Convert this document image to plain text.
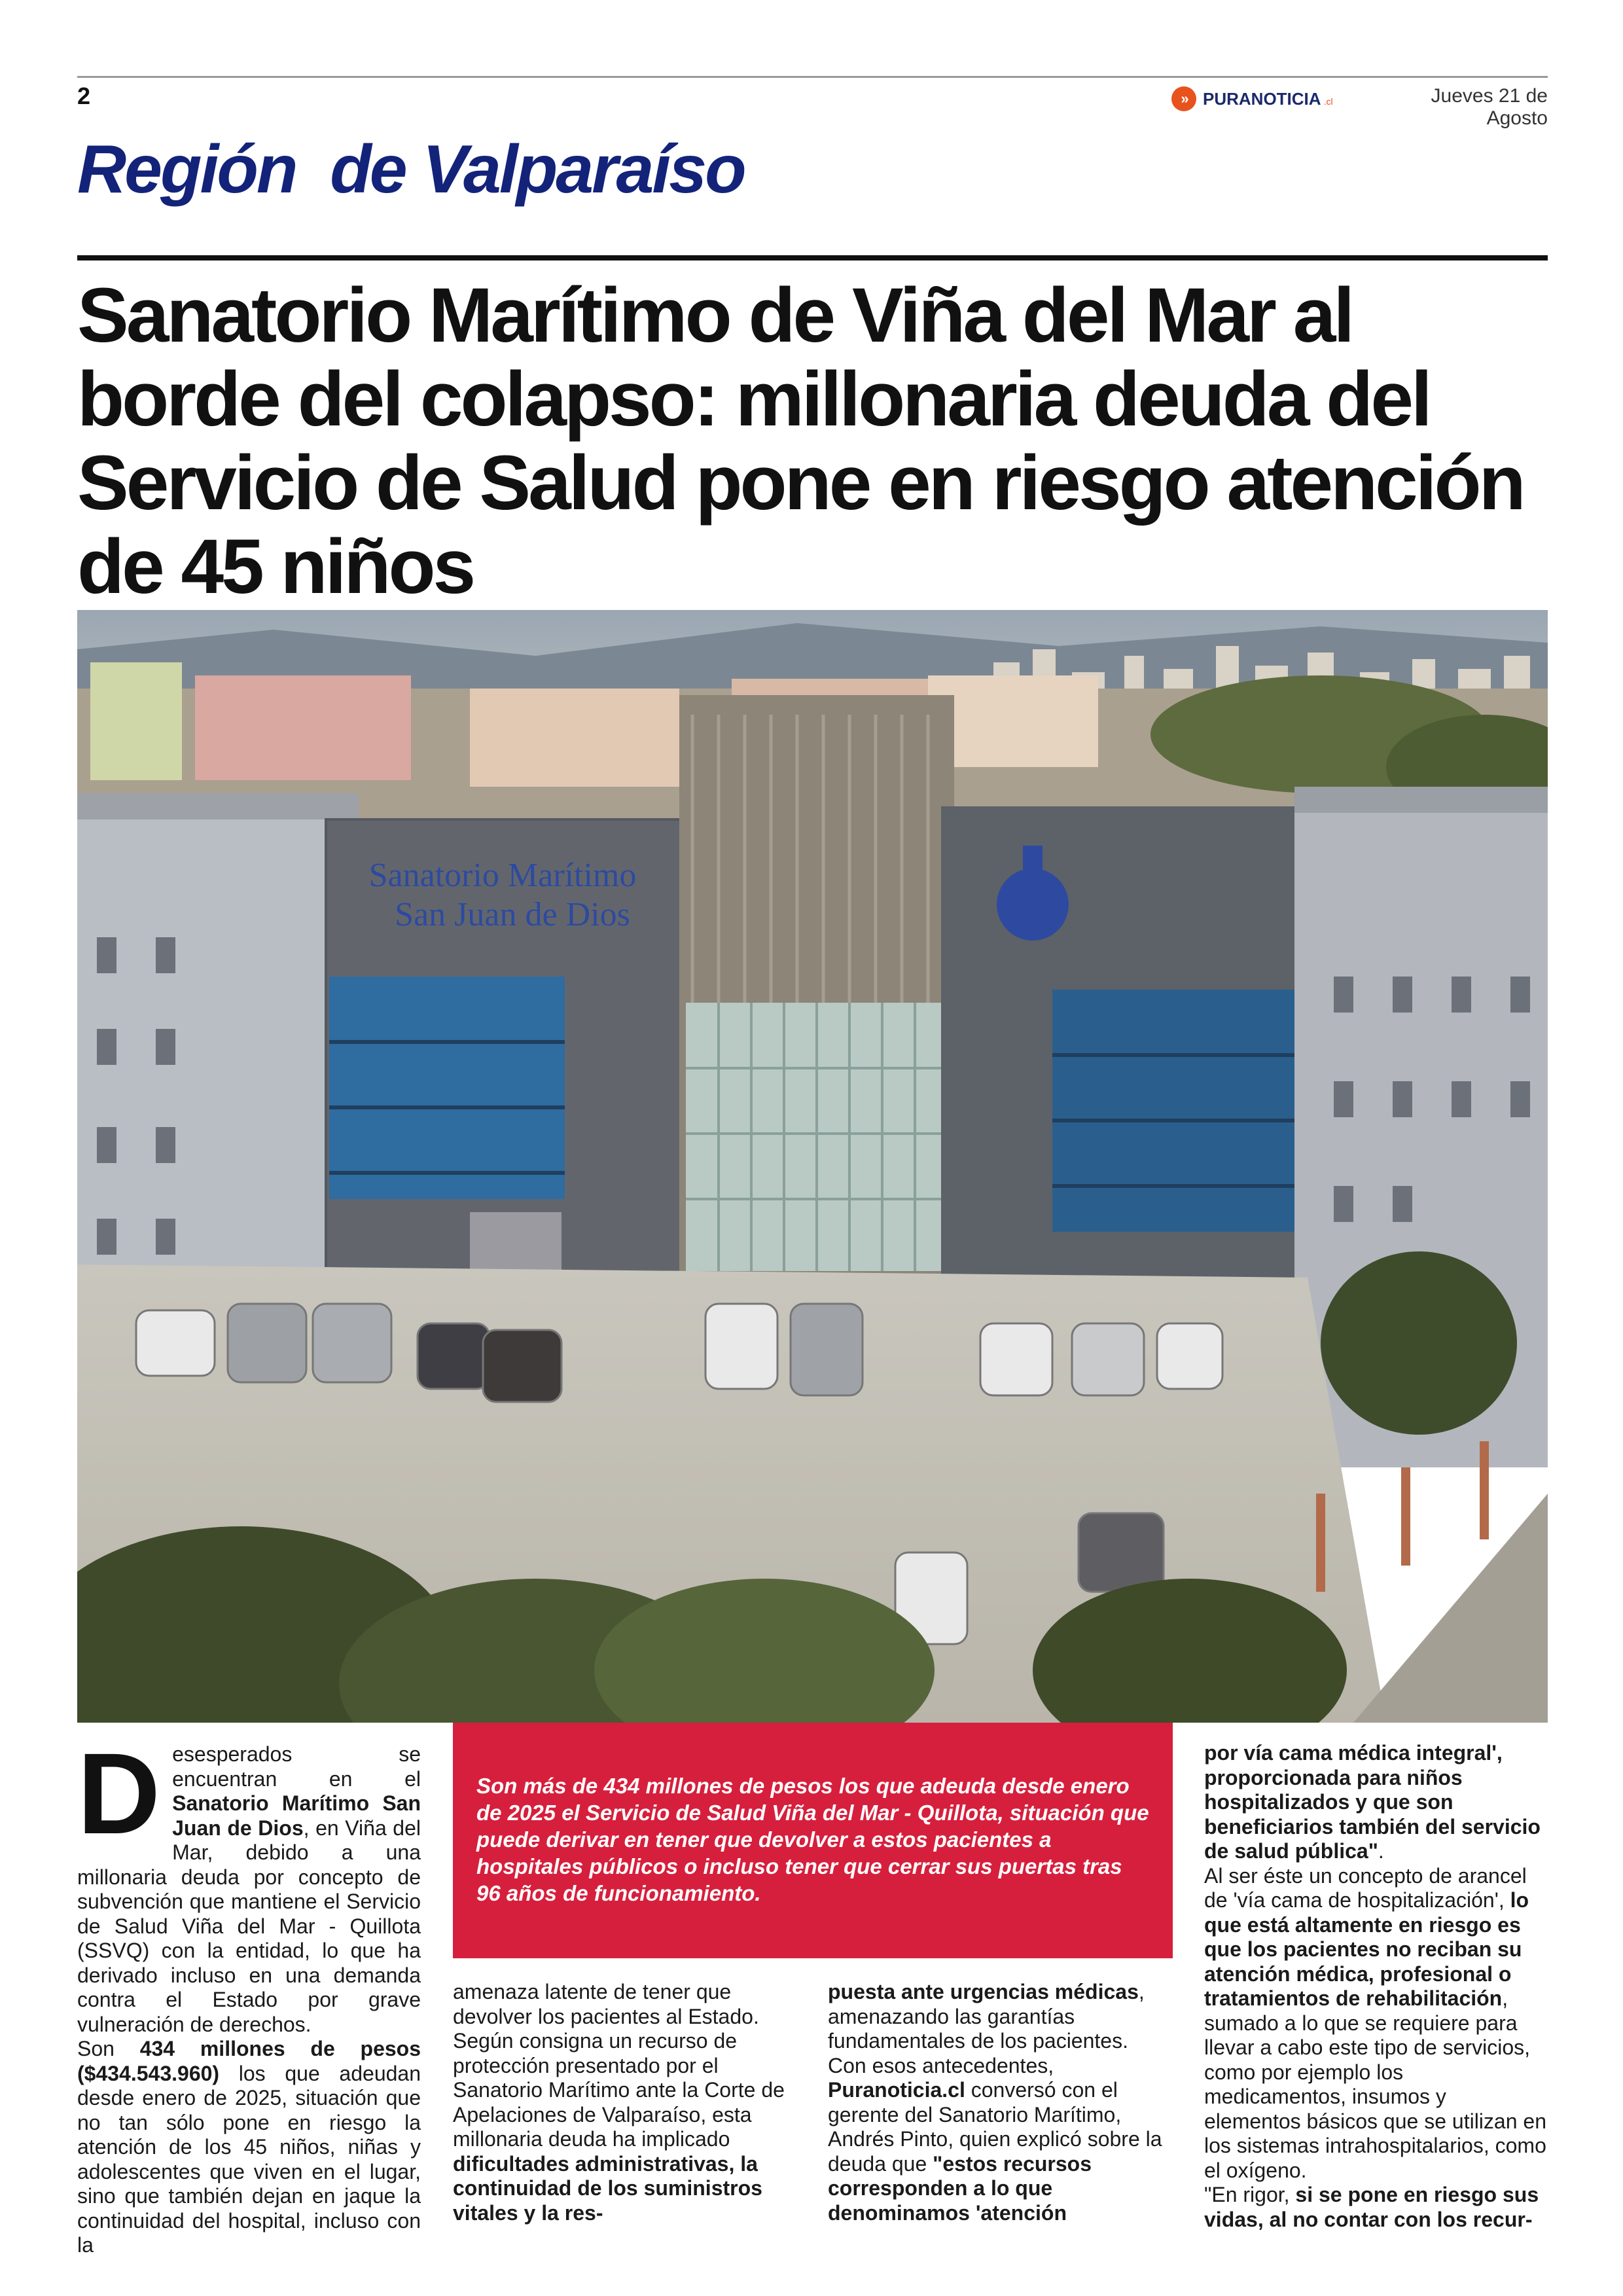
2	» PURANOTICIA .cl	Jueves 21 de Agosto
Región  de Valparaíso
Sanatorio Marítimo de Viña del Mar al borde del colapso: millonaria deuda del Servicio de Salud pone en riesgo atención de 45 niños
Sanatorio Marítimo
San Juan de Dios
Son más de 434 millones de pesos los que adeuda desde enero de 2025 el Servicio de Salud Viña del Mar - Quillota, situación que puede derivar en tener que devolver a estos pacientes a hospitales públicos o incluso tener que cerrar sus puertas tras 96 años de funcionamiento.

Desesperados se encuentran en el Sanatorio Marítimo San Juan de Dios, en Viña del Mar, debido a una millonaria deuda por concepto de subvención que mantiene el Servicio de Salud Viña del Mar - Quillota (SSVQ) con la entidad, lo que ha derivado incluso en una demanda contra el Estado por grave vulneración de derechos.

Son 434 millones de pesos ($434.543.960) los que adeudan desde enero de 2025, situación que no tan sólo pone en riesgo la atención de los 45 niños, niñas y adolescentes que viven en el lugar, sino que también dejan en jaque la continuidad del hospital, incluso con la

amenaza latente de tener que devolver los pacientes al Estado.

Según consigna un recurso de protección presentado por el Sanatorio Marítimo ante la Corte de Apelaciones de Valparaíso, esta millonaria deuda ha implicado dificultades administrativas, la continuidad de los suministros vitales y la res-

puesta ante urgencias médicas, amenazando las garantías fundamentales de los pacientes.

Con esos antecedentes, Puranoticia.cl conversó con el gerente del Sanatorio Marítimo, Andrés Pinto, quien explicó sobre la deuda que "estos recursos corresponden a lo que denominamos 'atención

por vía cama médica integral', proporcionada para niños hospitalizados y que son beneficiarios también del servicio de salud pública".

Al ser éste un concepto de arancel de 'vía cama de hospitalización', lo que está altamente en riesgo es que los pacientes no reciban su atención médica, profesional o tratamientos de rehabilitación, sumado a lo que se requiere para llevar a cabo este tipo de servicios, como por ejemplo los medicamentos, insumos y elementos básicos que se utilizan en los sistemas intrahospitalarios, como el oxígeno.

"En rigor, si se pone en riesgo sus vidas, al no contar con los recur-
